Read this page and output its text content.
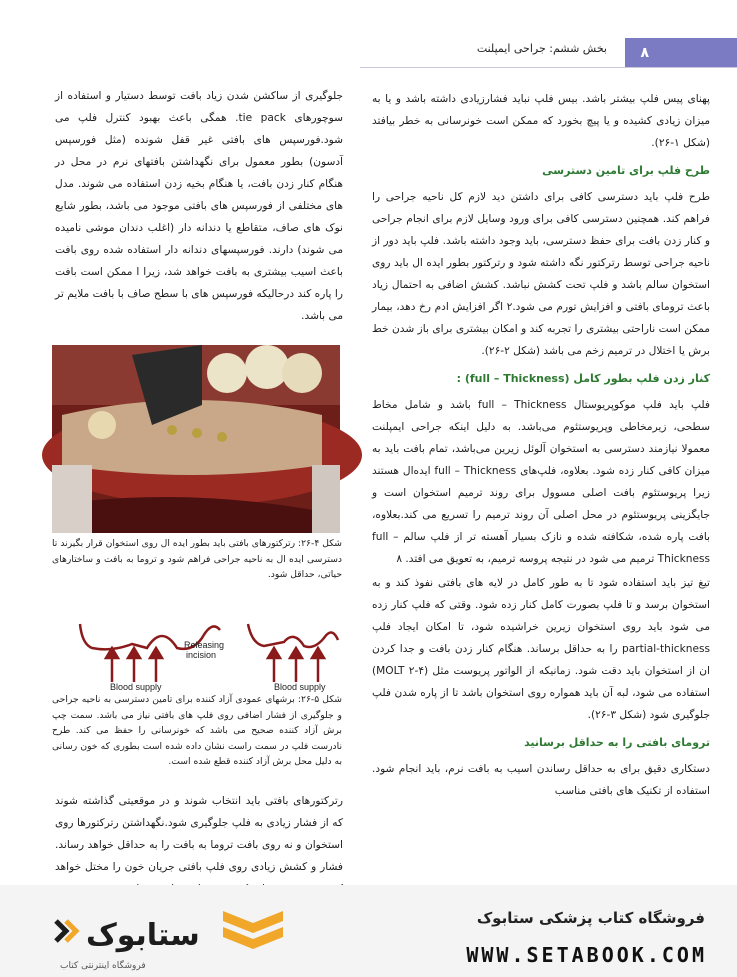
بخش ششم: جراحی ایمپلنت ۸

پهنای پیس فلپ بیشتر باشد. بیس فلپ نباید فشارزیادی داشته باشد و یا به میزان زیادی کشیده و یا پیچ بخورد که ممکن است خونرسانی به خطر بیافتد (شکل ۱-۲۶).

طرح فلپ برای تامین دسترسی

طرح فلپ باید دسترسی کافی برای داشتن دید لازم کل ناحیه جراحی را فراهم کند. همچنین دسترسی کافی برای ورود وسایل لازم برای انجام جراحی و کنار زدن بافت برای حفظ دسترسی، باید وجود داشته باشد. فلپ باید دور از ناحیه جراحی توسط رترکتور نگه داشته شود و رترکتور بطور ایده ال باید روی استخوان سالم باشد و فلپ تحت کشش نباشد. کشش اضافی به احتمال زیاد باعث ترومای بافتی و افزایش تورم می شود.۲ اگر افزایش ادم رخ دهد، بیمار ممکن است ناراحتی بیشتری را تجربه کند و امکان بیشتری برای باز شدن خط برش یا اختلال در ترمیم زخم می باشد (شکل ۲-۲۶).

کنار زدن فلپ بطور کامل (full – Thickness) :

فلپ باید فلپ موکوپریوستال full – Thickness باشد و شامل مخاط سطحی، زیرمخاطی وپریوستئوم می‌باشد. به دلیل اینکه جراحی ایمپلنت معمولا نیازمند دسترسی به استخوان آلوئل زیرین می‌باشد، تمام بافت باید به میزان کافی کنار زده شود. بعلاوه، فلپ‌های full – Thickness ایده‌ال هستند زیرا پریوستئوم بافت اصلی مسوول برای روند ترمیم استخوان است و جایگزینی پریوستئوم در محل اصلی آن روند ترمیم را تسریع می کند.بعلاوه، بافت پاره شده، شکافته شده و نازک بسیار آهسته تر از فلپ سالم full – Thickness ترمیم می شود در نتیجه پروسه ترمیم، به تعویق می افتد. ۸

تیغ تیز باید استفاده شود تا به طور کامل در لایه های بافتی نفوذ کند و به استخوان برسد و تا فلپ بصورت کامل کنار زده شود. وقتی که فلپ کنار زده می شود باید روی استخوان زیرین خراشیده شود، تا امکان ایجاد فلپ partial-thickness را به حداقل برساند. هنگام کنار زدن بافت و جدا کردن ان از استخوان باید دقت شود. زمانیکه از الواتور پریوست مثل (۴-۲ MOLT) استفاده می شود، لبه آن باید همواره روی استخوان باشد تا از پاره شدن فلپ جلوگیری شود (شکل ۳-۲۶).

ترومای بافتی را به حداقل برسانید

دستکاری دقیق برای به حداقل رساندن اسیب به بافت نرم، باید انجام شود. استفاده از تکنیک های بافتی مناسب

جلوگیری از ساکشن شدن زیاد بافت توسط دستیار و استفاده از سوچورهای tie pack. همگی باعث بهبود کنترل فلپ می شود.فورسپس های بافتی غیر قفل شونده (مثل فورسپس آدسون) بطور معمول برای نگهداشتن بافتهای نرم در محل در هنگام کنار زدن بافت، یا هنگام بخیه زدن استفاده می شوند. مدل های مختلفی از فورسپس های بافتی موجود می باشد، بطور شایع نوک های صاف، متقاطع یا دندانه دار (اغلب دندان موشی نامیده می شوند) دارند. فورسپسهای دندانه دار استفاده شده روی بافت باعث اسیب بیشتری به بافت خواهد شد، زیرا ا ممکن است بافت را پاره کند درحالیکه فورسپس های با سطح صاف با بافت ملایم تر می باشد.

شکل ۴-۲۶: رترکتورهای بافتی باید بطور ایده ال روی استخوان قرار بگیرند تا دسترسی ایده ال به ناحیه جراحی فراهم شود و تروما به بافت و ساختارهای حیاتی، حداقل شود.
Releasing incision
Blood supply	Blood supply
شکل ۵-۲۶: برشهای عمودی آزاد کننده برای تامین دسترسی به ناحیه جراحی و جلوگیری از فشار اضافی روی فلپ های بافتی نیاز می باشد. سمت چپ برش آزاد کننده صحیح می باشد که خونرسانی را حفظ می کند. طرح نادرست فلپ در سمت راست نشان داده شده است بطوری که خون رسانی به دلیل محل برش آزاد کننده قطع شده است.

رترکتورهای بافتی باید انتخاب شوند و در موقعیتی گذاشته شوند که از فشار زیادی به فلپ جلوگیری شود.نگهداشتن رترکتورها روی استخوان و نه روی بافت تروما به بافت را به حداقل خواهد رساند. فشار و کشش زیادی روی فلپ بافتی جریان خون را مختل خواهد

ستابوک
فروشگاه اینترنتی کتاب
فروشگاه کتاب پزشکی ستابوک
WWW.SETABOOK.COM
